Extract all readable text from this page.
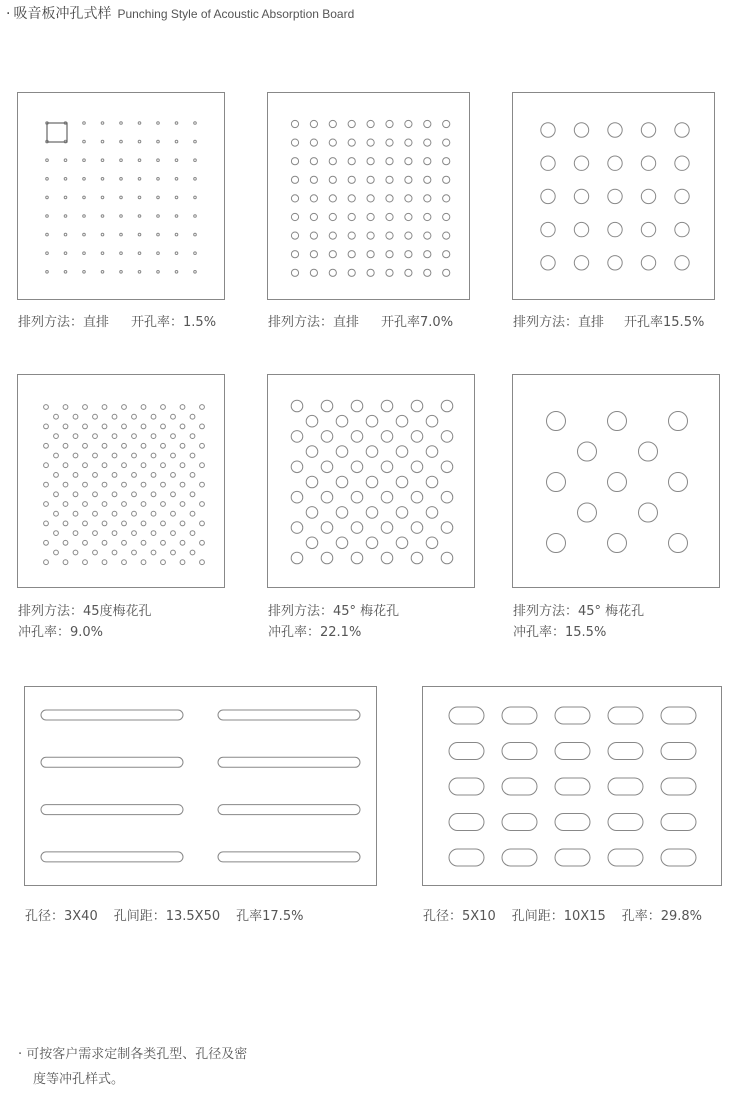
· 吸音板冲孔式样 Punching Style of Acoustic Absorption Board
排列方法：直排 开孔率：1.5%	排列方法：直排 开孔率7.0%	排列方法：直排 开孔率15.5%
排列方法：45度梅花孔
冲孔率：9.0%
排列方法：45° 梅花孔
冲孔率：22.1%
排列方法：45° 梅花孔
冲孔率：15.5%
孔径：3X40 孔间距：13.5X50 孔率17.5%	孔径：5X10 孔间距：10X15 孔率：29.8%
· 可按客户需求定制各类孔型、孔径及密
度等冲孔样式。
